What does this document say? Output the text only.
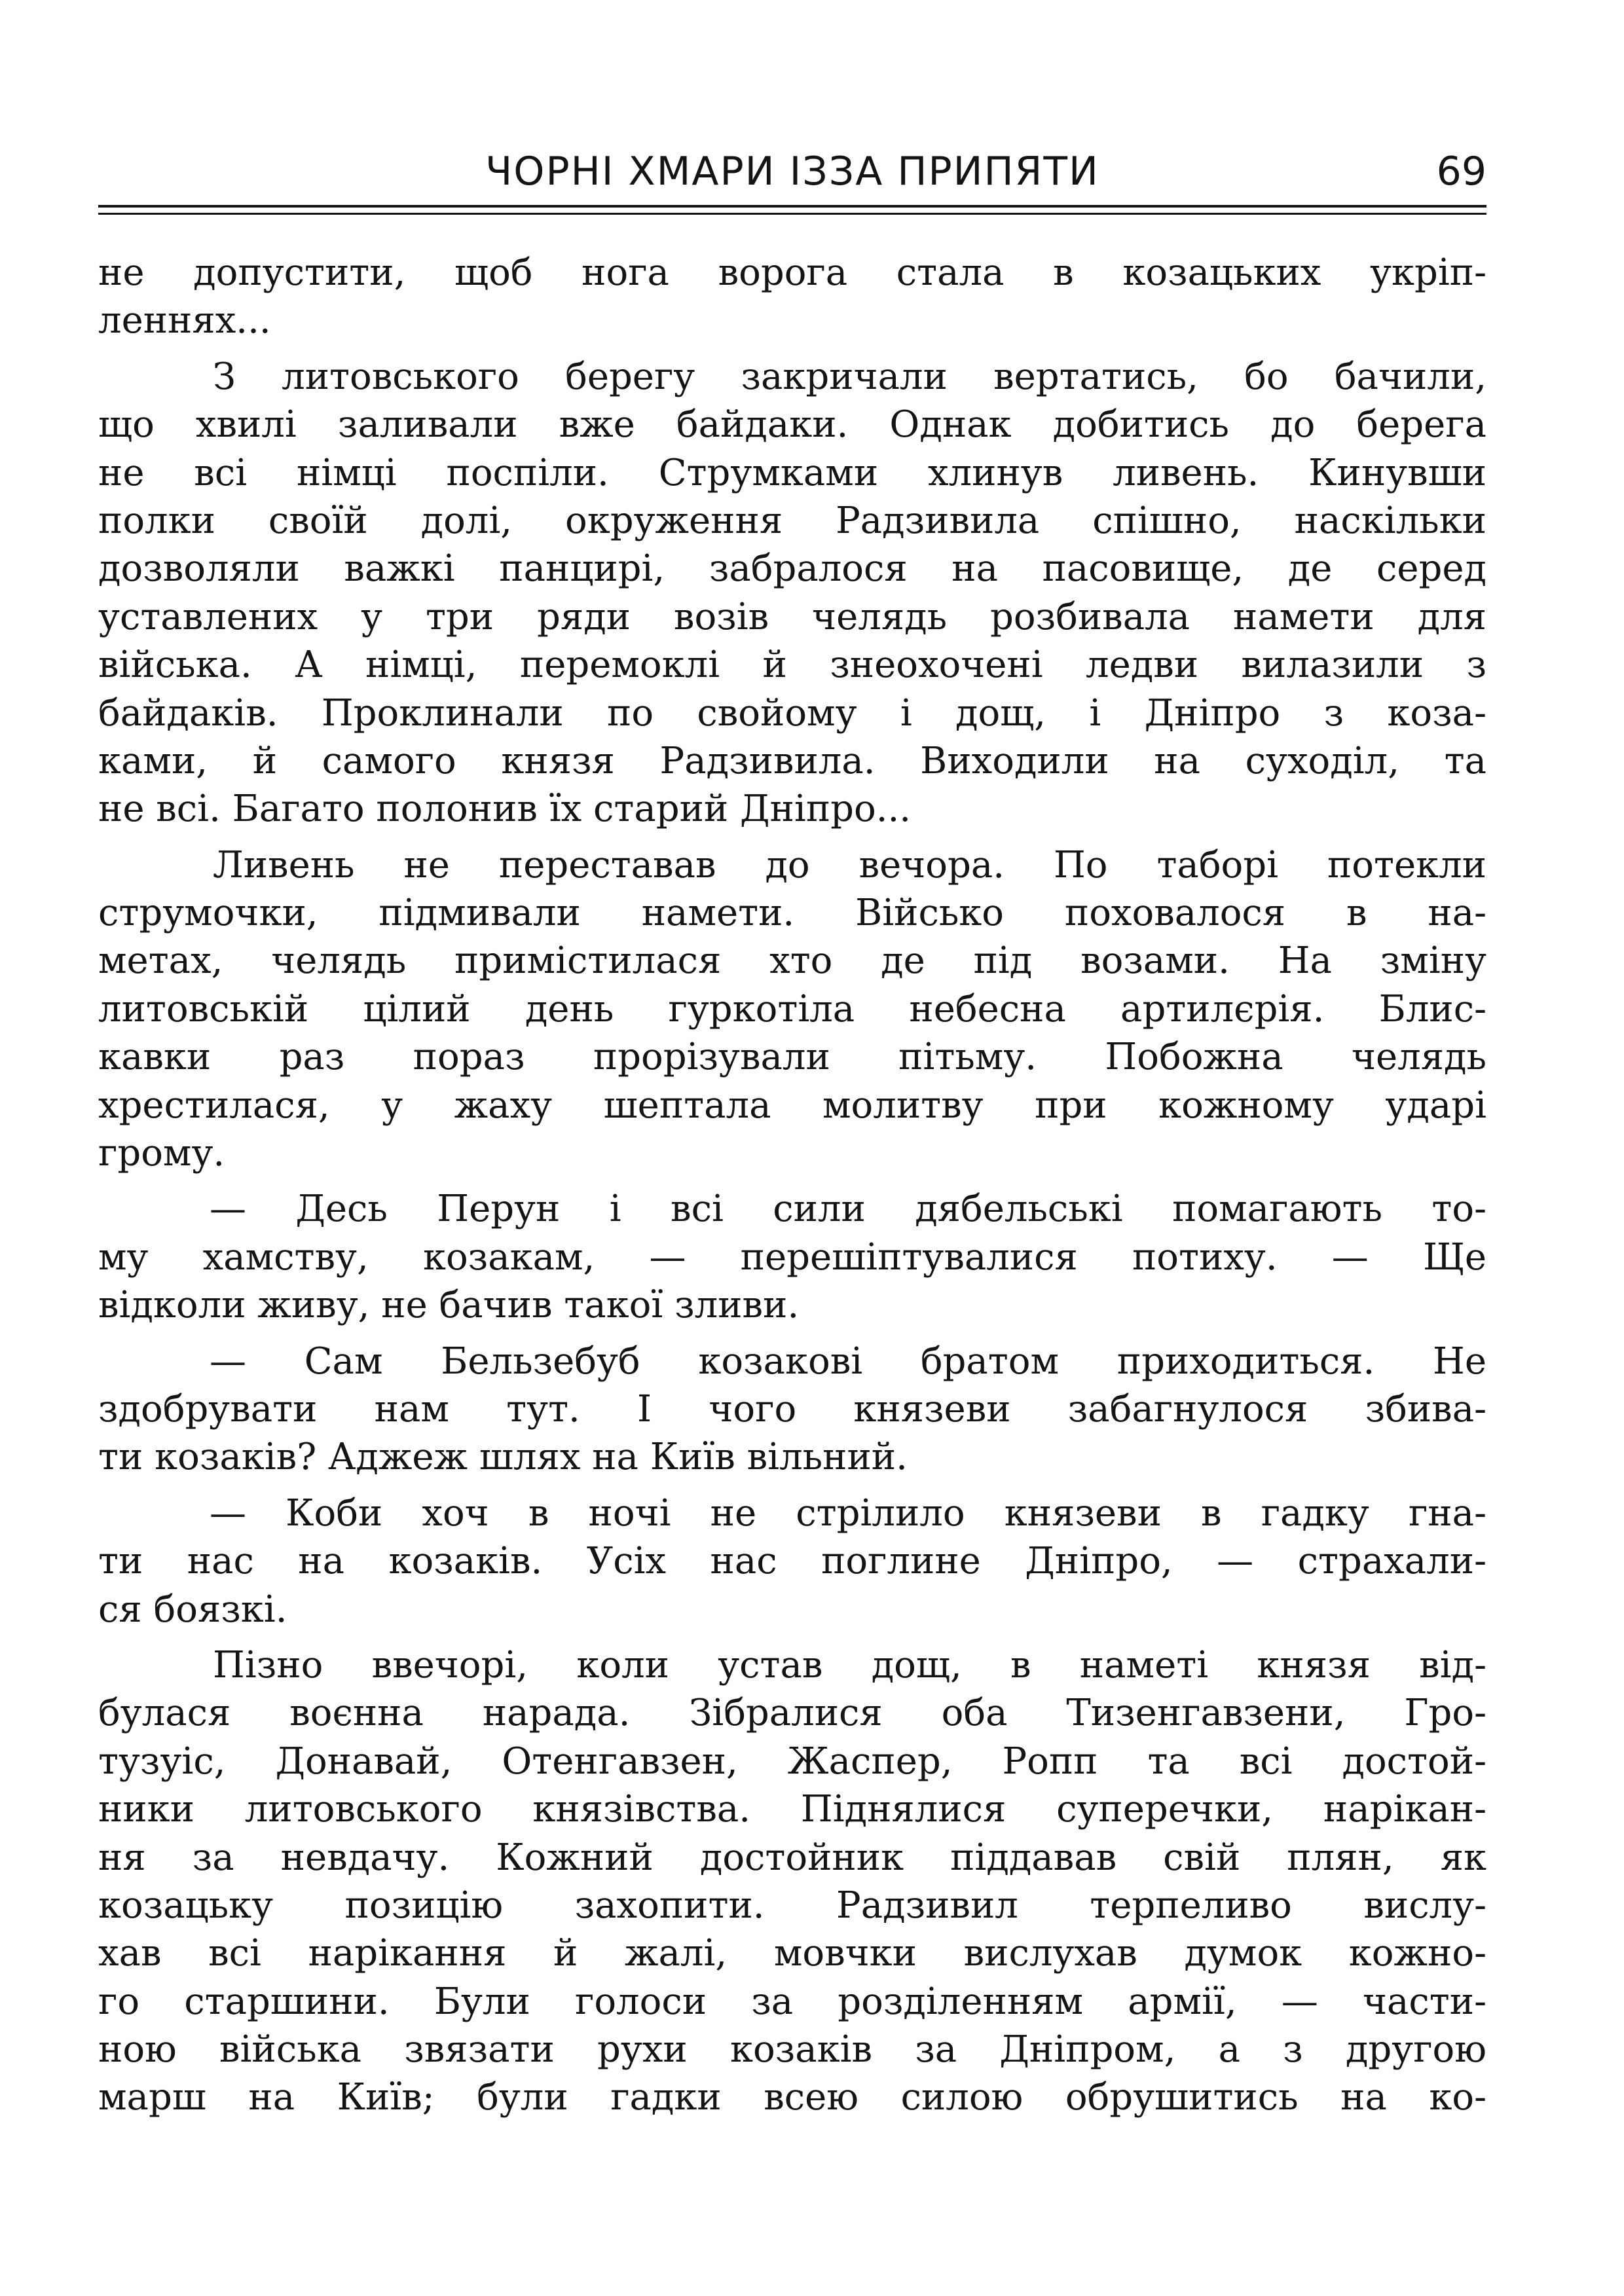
ЧОРНІ ХМАРИ ІЗЗА ПРИПЯТИ	69
не допустити, щоб нога ворога стала в козацьких укріп-
леннях...
З литовського берегу закричали вертатись, бо бачили,
що хвилі заливали вже байдаки. Однак добитись до берега
не всі німці поспіли. Струмками хлинув ливень. Кинувши
полки своїй долі, окруження Радзивила спішно, наскільки
дозволяли важкі панцирі, забралося на пасовище, де серед
уставлених у три ряди возів челядь розбивала намети для
війська. А німці, перемоклі й знеохочені ледви вилазили з
байдаків. Проклинали по свойому і дощ, і Дніпро з коза-
ками, й самого князя Радзивила. Виходили на суходіл, та
не всі. Багато полонив їх старий Дніпро...
Ливень не переставав до вечора. По таборі потекли
струмочки, підмивали намети. Військо поховалося в на-
метах, челядь примістилася хто де під возами. На зміну
литовській цілий день гуркотіла небесна артилєрія. Блис-
кавки раз пораз прорізували пітьму. Побожна челядь
хрестилася, у жаху шептала молитву при кожному ударі
грому.
— Десь Перун і всі сили дябельські помагають то-
му хамству, козакам, — перешіптувалися потиху. — Ще
відколи живу, не бачив такої зливи.
— Сам Бельзебуб козакові братом приходиться. Не
здобрувати нам тут. І чого князеви забагнулося збива-
ти козаків? Аджеж шлях на Київ вільний.
— Коби хоч в ночі не стрілило князеви в гадку гна-
ти нас на козаків. Усіх нас поглине Дніпро, — страхали-
ся боязкі.
Пізно ввечорі, коли устав дощ, в наметі князя від-
булася воєнна нарада. Зібралися оба Тизенгавзени, Гро-
тузуіс, Донавай, Отенгавзен, Жаспер, Ропп та всі достой-
ники литовського князівства. Піднялися суперечки, нарікан-
ня за невдачу. Кожний достойник піддавав свій плян, як
козацьку позицію захопити. Радзивил терпеливо вислу-
хав всі нарікання й жалі, мовчки вислухав думок кожно-
го старшини. Були голоси за розділенням армії, — части-
ною війська звязати рухи козаків за Дніпром, а з другою
марш на Київ; були гадки всею силою обрушитись на ко-
